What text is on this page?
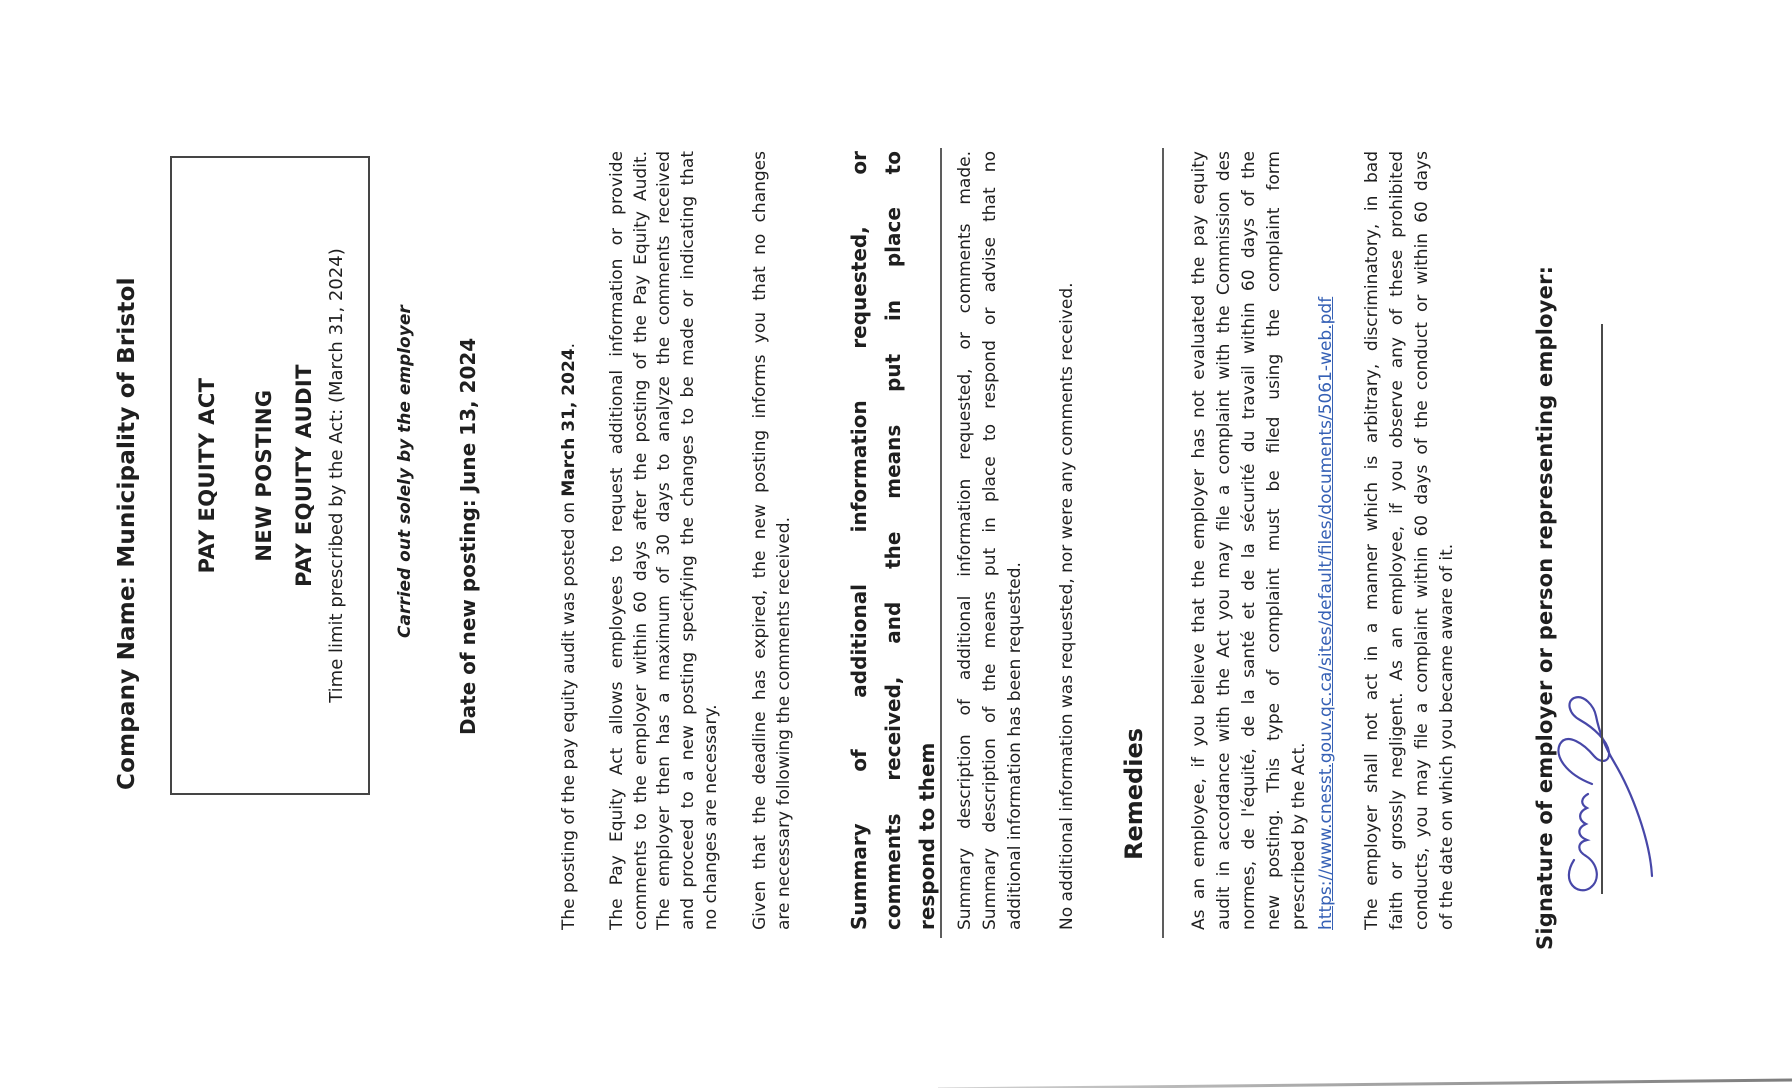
Company Name: Municipality of Bristol	PAY EQUITY ACT NEW POSTING PAY EQUITY AUDIT Time limit prescribed by the Act: (March 31, 2024)	Carried out solely by the employer Date of new posting: June 13, 2024	The posting of the pay equity audit was posted on March 31, 2024. The Pay Equity Act allows employees to request additional information or provide comments to the employer within 60 days after the posting of the Pay Equity Audit. The employer then has a maximum of 30 days to analyze the comments received and proceed to a new posting specifying the changes to be made or indicating that no changes are necessary. Given that the deadline has expired, the new posting informs you that no changes are necessary following the comments received.	Summary of additional information requested, or comments received, and the means put in place to respond to them Summary description of additional information requested, or comments made. Summary description of the means put in place to respond or advise that no additional information has been requested. No additional information was requested, nor were any comments received. Remedies As an employee, if you believe that the employer has not evaluated the pay equity audit in accordance with the Act you may file a complaint with the Commission des normes, de l'équité, de la santé et de la sécurité du travail within 60 days of the new posting. This type of complaint must be filed using the complaint form prescribed by the Act. https://www.cnesst.gouv.qc.ca/sites/default/files/documents/5061-web.pdf The employer shall not act in a manner which is arbitrary, discriminatory, in bad faith or grossly negligent. As an employee, if you observe any of these prohibited conducts, you may file a complaint within 60 days of the conduct or within 60 days of the date on which you became aware of it.	Signature of employer or person representing employer:
